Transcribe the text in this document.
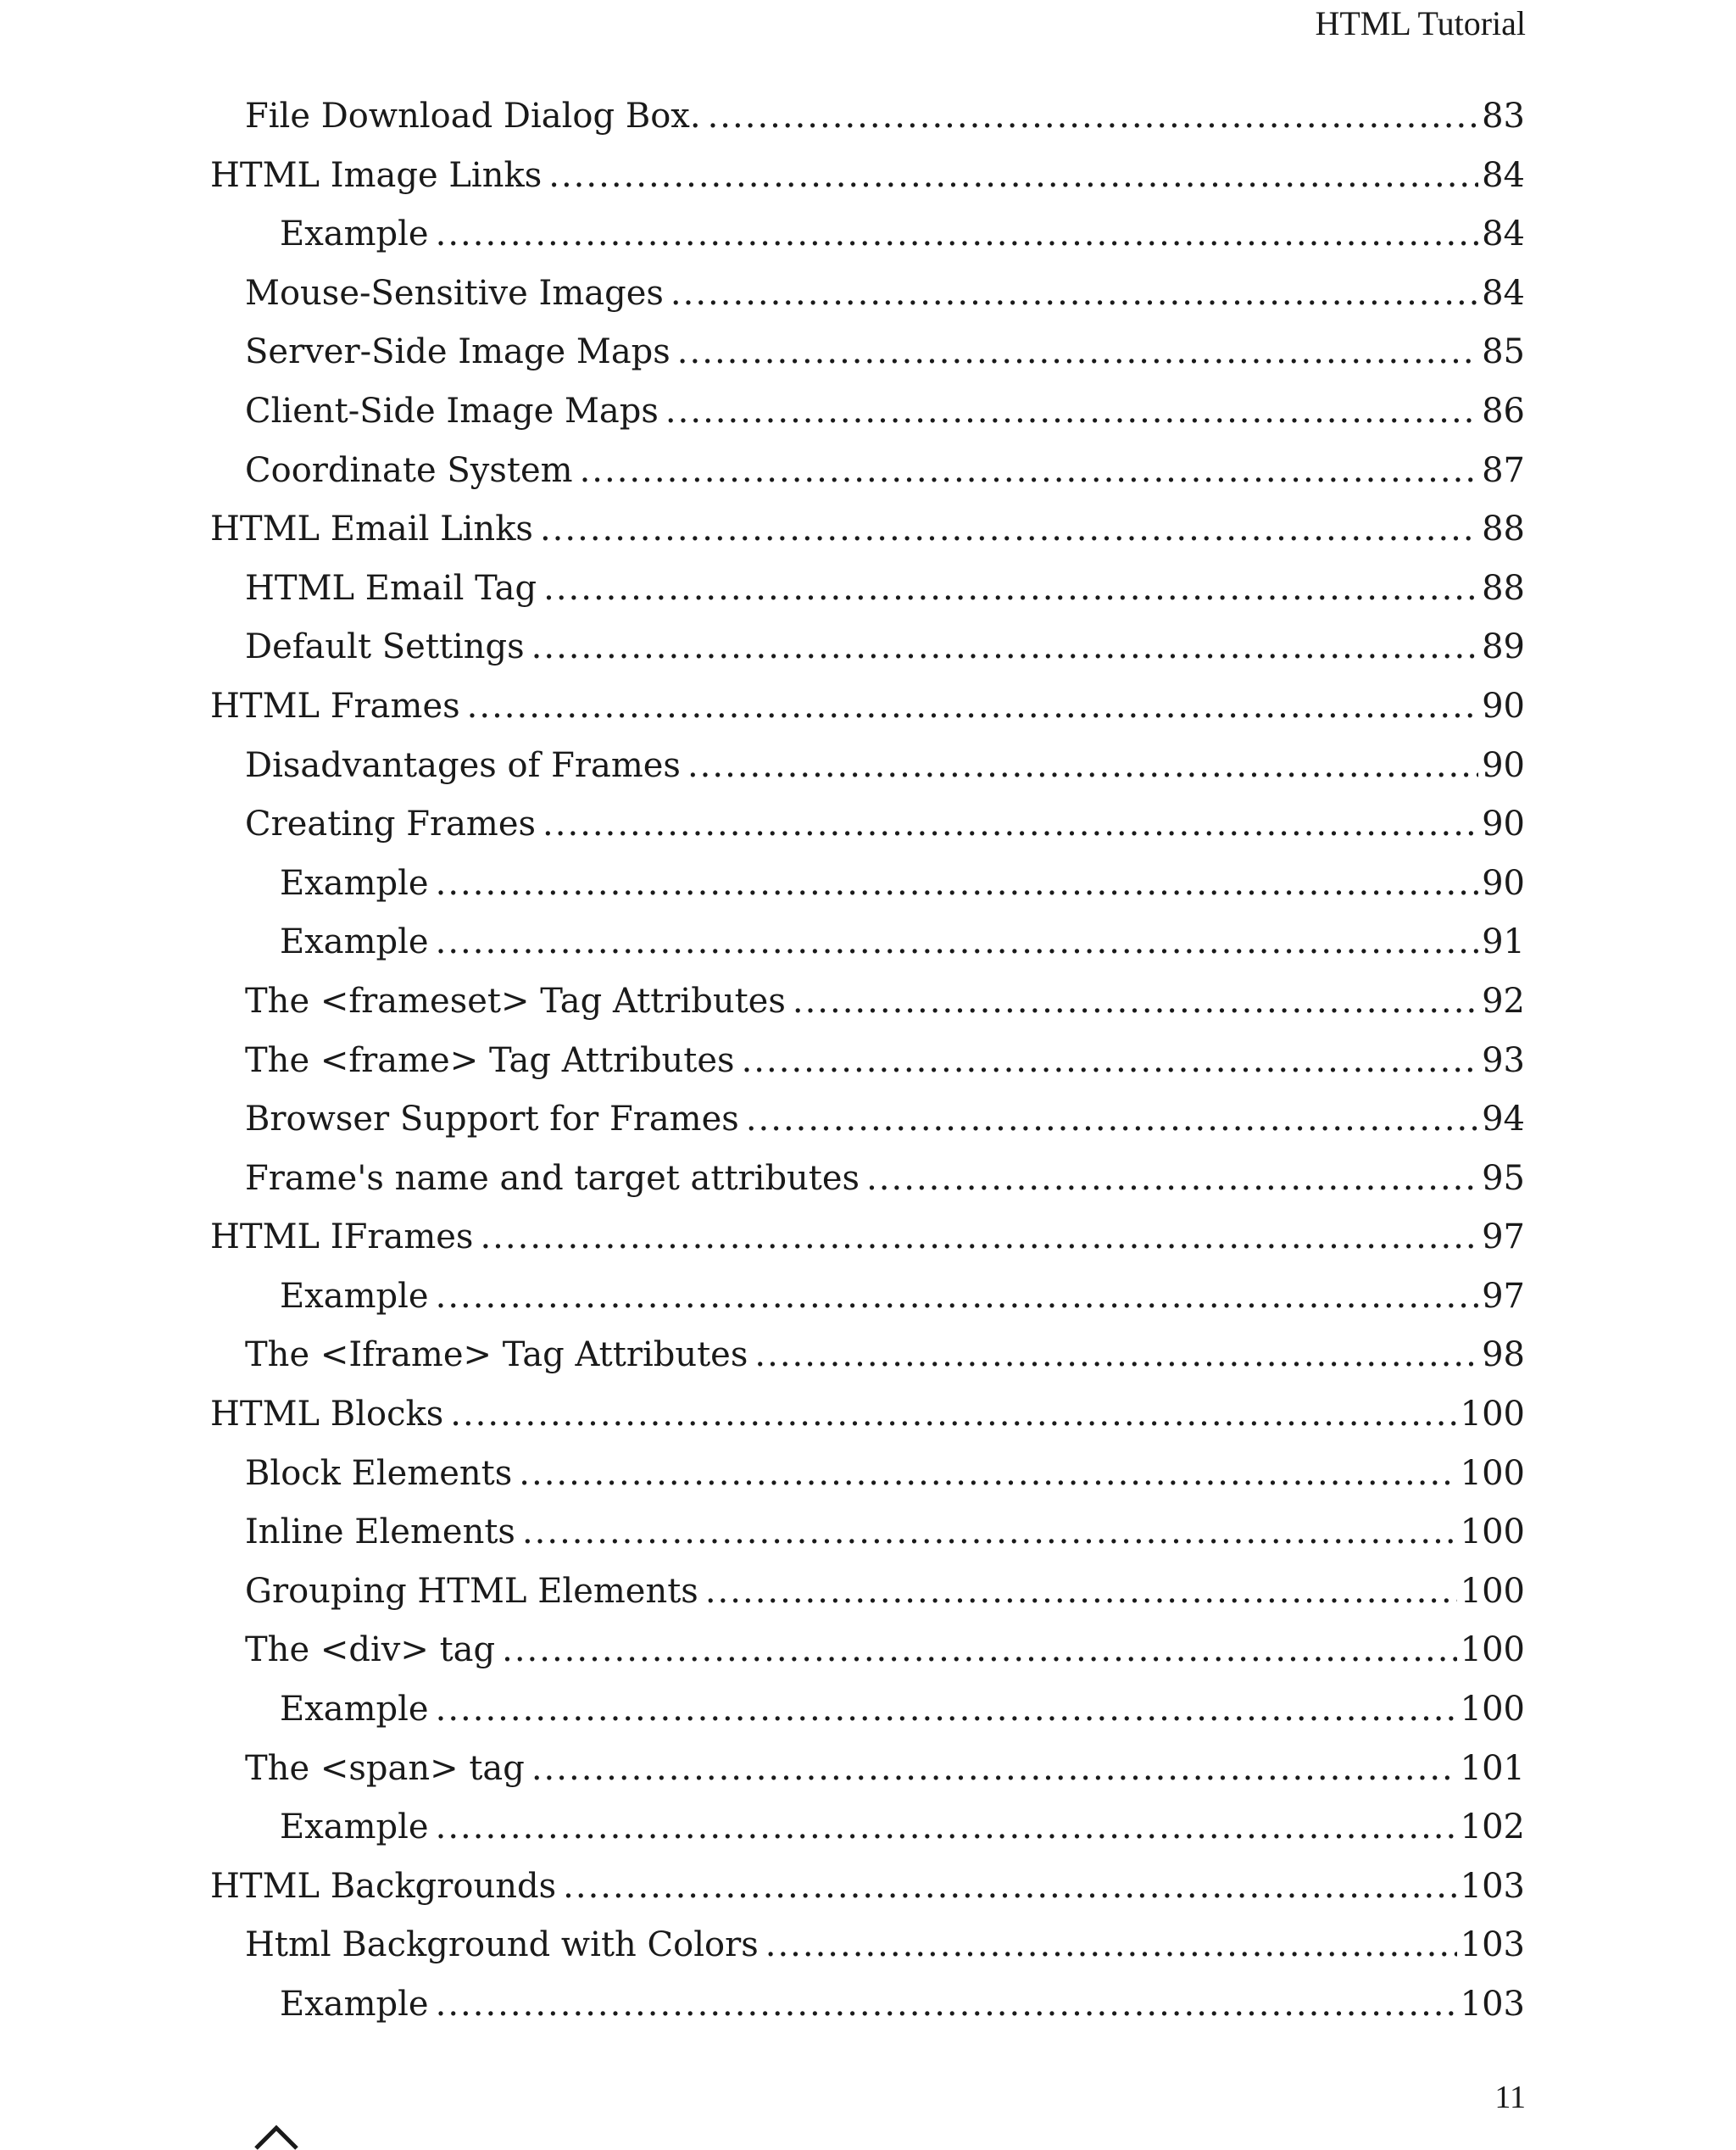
HTML Tutorial
File Download Dialog Box. .....	83
HTML Image Links .....	84
Example .....	84
Mouse-Sensitive Images .....	84
Server-Side Image Maps .....	85
Client-Side Image Maps .....	86
Coordinate System .....	87
HTML Email Links .....	88
HTML Email Tag .....	88
Default Settings .....	89
HTML Frames .....	90
Disadvantages of Frames .....	90
Creating Frames .....	90
Example .....	90
Example .....	91
The <frameset> Tag Attributes .....	92
The <frame> Tag Attributes .....	93
Browser Support for Frames .....	94
Frame's name and target attributes .....	95
HTML IFrames .....	97
Example .....	97
The <Iframe> Tag Attributes .....	98
HTML Blocks .....	100
Block Elements .....	100
Inline Elements .....	100
Grouping HTML Elements .....	100
The <div> tag .....	100
Example .....	100
The <span> tag .....	101
Example .....	102
HTML Backgrounds .....	103
Html Background with Colors .....	103
Example .....	103
11
